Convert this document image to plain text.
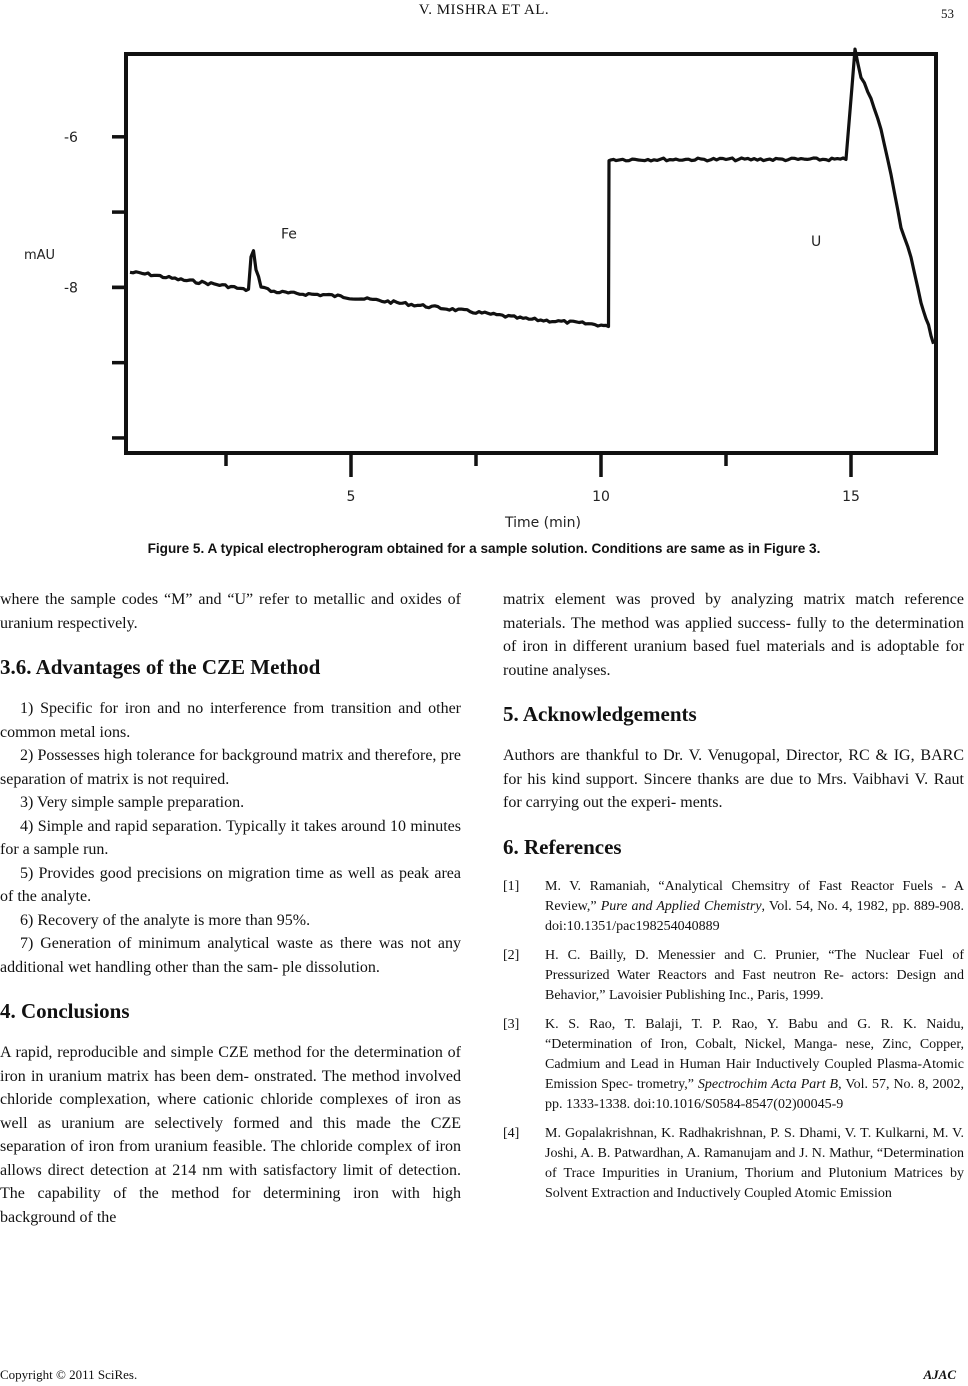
V. MISHRA ET AL.	53
-6
-8
5	10	15
Fe	U
mAU
Time (min)
Figure 5. A typical electropherogram obtained for a sample solution. Conditions are same as in Figure 3.

where the sample codes “M” and “U” refer to metallic and oxides of uranium respectively.

3.6. Advantages of the CZE Method

1) Specific for iron and no interference from transition and other common metal ions.

2) Possesses high tolerance for background matrix and therefore, pre separation of matrix is not required.

3) Very simple sample preparation.

4) Simple and rapid separation. Typically it takes around 10 minutes for a sample run.

5) Provides good precisions on migration time as well as peak area of the analyte.

6) Recovery of the analyte is more than 95%.

7) Generation of minimum analytical waste as there was not any additional wet handling other than the sam- ple dissolution.

4. Conclusions

A rapid, reproducible and simple CZE method for the determination of iron in uranium matrix has been dem- onstrated. The method involved chloride complexation, where cationic chloride complexes of iron as well as uranium are selectively formed and this made the CZE separation of iron from uranium feasible. The chloride complex of iron allows direct detection at 214 nm with satisfactory limit of detection. The capability of the method for determining iron with high background of the

matrix element was proved by analyzing matrix match reference materials. The method was applied success- fully to the determination of iron in different uranium based fuel materials and is adoptable for routine analyses.

5. Acknowledgements

Authors are thankful to Dr. V. Venugopal, Director, RC & IG, BARC for his kind support. Sincere thanks are due to Mrs. Vaibhavi V. Raut for carrying out the experi- ments.

6. References
[1]	M. V. Ramaniah, “Analytical Chemsitry of Fast Reactor Fuels - A Review,” Pure and Applied Chemistry, Vol. 54, No. 4, 1982, pp. 889-908. doi:10.1351/pac198254040889
[2]	H. C. Bailly, D. Menessier and C. Prunier, “The Nuclear Fuel of Pressurized Water Reactors and Fast neutron Re- actors: Design and Behavior,” Lavoisier Publishing Inc., Paris, 1999.
[3]	K. S. Rao, T. Balaji, T. P. Rao, Y. Babu and G. R. K. Naidu, “Determination of Iron, Cobalt, Nickel, Manga- nese, Zinc, Copper, Cadmium and Lead in Human Hair Inductively Coupled Plasma-Atomic Emission Spec- trometry,” Spectrochim Acta Part B, Vol. 57, No. 8, 2002, pp. 1333-1338. doi:10.1016/S0584-8547(02)00045-9
[4]	M. Gopalakrishnan, K. Radhakrishnan, P. S. Dhami, V. T. Kulkarni, M. V. Joshi, A. B. Patwardhan, A. Ramanujam and J. N. Mathur, “Determination of Trace Impurities in Uranium, Thorium and Plutonium Matrices by Solvent Extraction and Inductively Coupled Atomic Emission
Copyright © 2011 SciRes.	AJAC
